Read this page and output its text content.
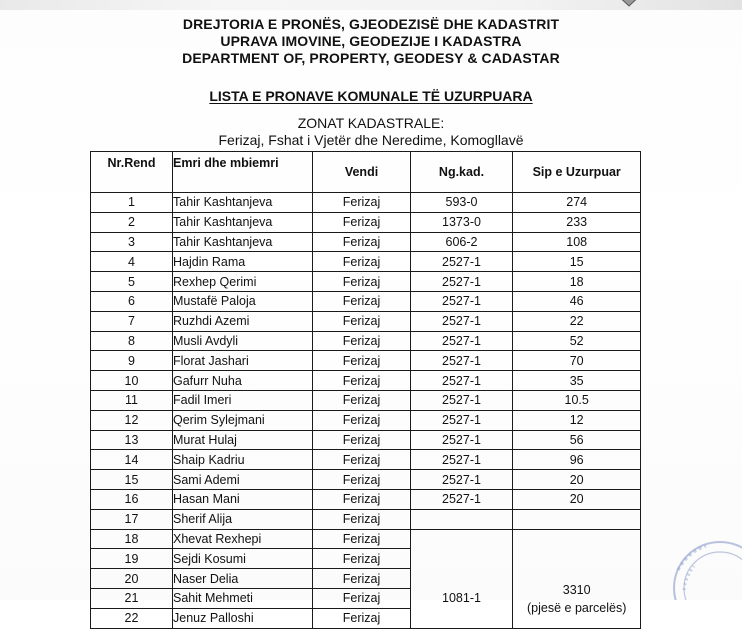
DREJTORIA E PRONËS, GJEODEZISË DHE KADASTRIT
UPRAVA IMOVINE, GEODEZIJE I KADASTRA
DEPARTMENT OF, PROPERTY, GEODESY & CADASTAR
LISTA E PRONAVE KOMUNALE TË UZURPUARA
ZONAT KADASTRALE:
Ferizaj, Fshat i Vjetër dhe Neredime, Komogllavë
Nr.Rend	Emri dhe mbiemri	Vendi	Ng.kad.	Sip e Uzurpuar
1	Tahir Kashtanjeva	Ferizaj	593-0	274
2	Tahir Kashtanjeva	Ferizaj	1373-0	233
3	Tahir Kashtanjeva	Ferizaj	606-2	108
4	Hajdin Rama	Ferizaj	2527-1	15
5	Rexhep Qerimi	Ferizaj	2527-1	18
6	Mustafë Paloja	Ferizaj	2527-1	46
7	Ruzhdi Azemi	Ferizaj	2527-1	22
8	Musli Avdyli	Ferizaj	2527-1	52
9	Florat Jashari	Ferizaj	2527-1	70
10	Gafurr Nuha	Ferizaj	2527-1	35
11	Fadil Imeri	Ferizaj	2527-1	10.5
12	Qerim Sylejmani	Ferizaj	2527-1	12
13	Murat Hulaj	Ferizaj	2527-1	56
14	Shaip Kadriu	Ferizaj	2527-1	96
15	Sami Ademi	Ferizaj	2527-1	20
16	Hasan Mani	Ferizaj	2527-1	20
17	Sherif Alija	Ferizaj		
18	Xhevat Rexhepi	Ferizaj	1081-1	3310
(pjesë e parcelës)

19	Sejdi Kosumi	Ferizaj		
20	Naser Delia	Ferizaj		
21	Sahit Mehmeti	Ferizaj		
22	Jenuz Palloshi	Ferizaj		
